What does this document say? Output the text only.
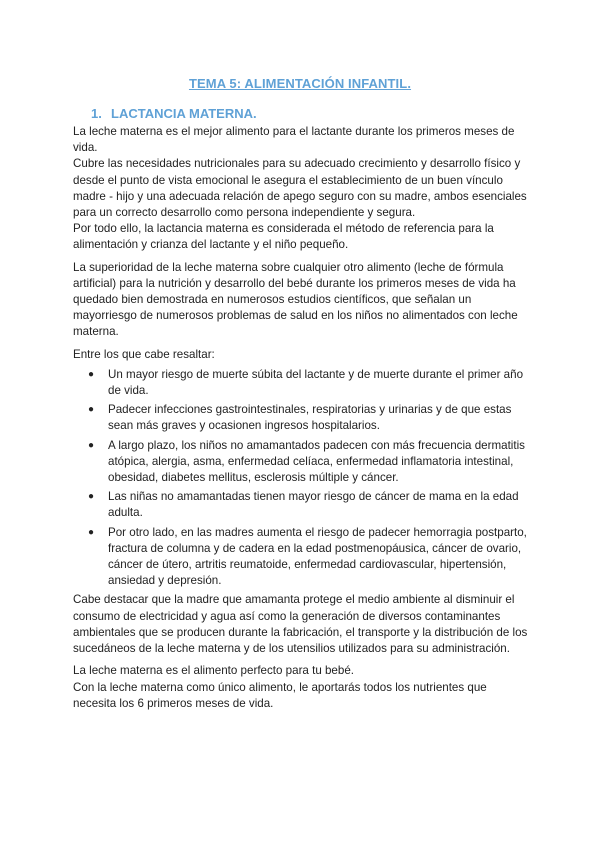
TEMA 5: ALIMENTACIÓN INFANTIL.
1. LACTANCIA MATERNA.

La leche materna es el mejor alimento para el lactante durante los primeros meses de vida.

Cubre las necesidades nutricionales para su adecuado crecimiento y desarrollo físico y desde el punto de vista emocional le asegura el establecimiento de un buen vínculo madre - hijo y una adecuada relación de apego seguro con su madre, ambos esenciales para un correcto desarrollo como persona independiente y segura.

Por todo ello, la lactancia materna es considerada el método de referencia para la alimentación y crianza del lactante y el niño pequeño.

La superioridad de la leche materna sobre cualquier otro alimento (leche de fórmula artificial) para la nutrición y desarrollo del bebé durante los primeros meses de vida ha quedado bien demostrada en numerosos estudios científicos, que señalan un mayorriesgo de numerosos problemas de salud en los niños no alimentados con leche materna.

Entre los que cabe resaltar:

● Un mayor riesgo de muerte súbita del lactante y de muerte durante el primer año de vida.
● Padecer infecciones gastrointestinales, respiratorias y urinarias y de que estas sean más graves y ocasionen ingresos hospitalarios.
● A largo plazo, los niños no amamantados padecen con más frecuencia dermatitis atópica, alergia, asma, enfermedad celíaca, enfermedad inflamatoria intestinal, obesidad, diabetes mellitus, esclerosis múltiple y cáncer.
● Las niñas no amamantadas tienen mayor riesgo de cáncer de mama en la edad adulta.
● Por otro lado, en las madres aumenta el riesgo de padecer hemorragia postparto, fractura de columna y de cadera en la edad postmenopáusica, cáncer de ovario, cáncer de útero, artritis reumatoide, enfermedad cardiovascular, hipertensión, ansiedad y depresión.

Cabe destacar que la madre que amamanta protege el medio ambiente al disminuir el consumo de electricidad y agua así como la generación de diversos contaminantes ambientales que se producen durante la fabricación, el transporte y la distribución de los sucedáneos de la leche materna y de los utensilios utilizados para su administración.

La leche materna es el alimento perfecto para tu bebé.

Con la leche materna como único alimento, le aportarás todos los nutrientes que necesita los 6 primeros meses de vida.
